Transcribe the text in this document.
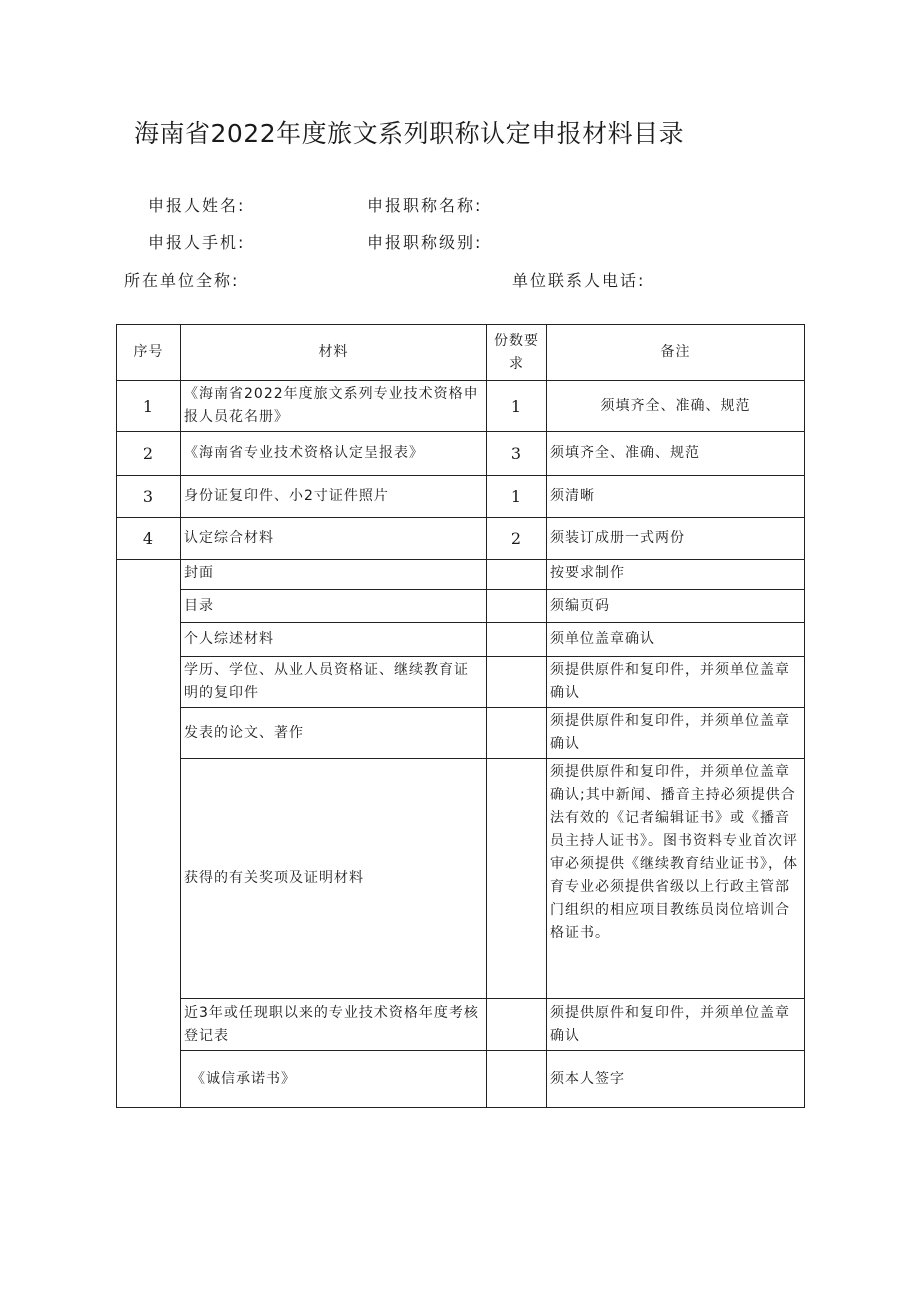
海南省2022年度旅文系列职称认定申报材料目录
申报人姓名:	申报职称名称:
申报人手机:	申报职称级别:
所在单位全称:	单位联系人电话:
序号	材料	份数要求	备注
1	《海南省2022年度旅文系列专业技术资格申报人员花名册》	1	须填齐全、准确、规范
2	《海南省专业技术资格认定呈报表》	3	须填齐全、准确、规范
3	身份证复印件、小2寸证件照片	1	须清晰
4	认定综合材料	2	须装订成册一式两份
	封面		按要求制作
	目录		须编页码
	个人综述材料		须单位盖章确认
	学历、学位、从业人员资格证、继续教育证明的复印件		须提供原件和复印件，并须单位盖章确认
	发表的论文、著作		须提供原件和复印件，并须单位盖章确认
	获得的有关奖项及证明材料		须提供原件和复印件，并须单位盖章确认;其中新闻、播音主持必须提供合法有效的《记者编辑证书》或《播音员主持人证书》。图书资料专业首次评审必须提供《继续教育结业证书》，体育专业必须提供省级以上行政主管部门组织的相应项目教练员岗位培训合格证书。
	近3年或任现职以来的专业技术资格年度考核登记表		须提供原件和复印件，并须单位盖章确认
	《诚信承诺书》		须本人签字
